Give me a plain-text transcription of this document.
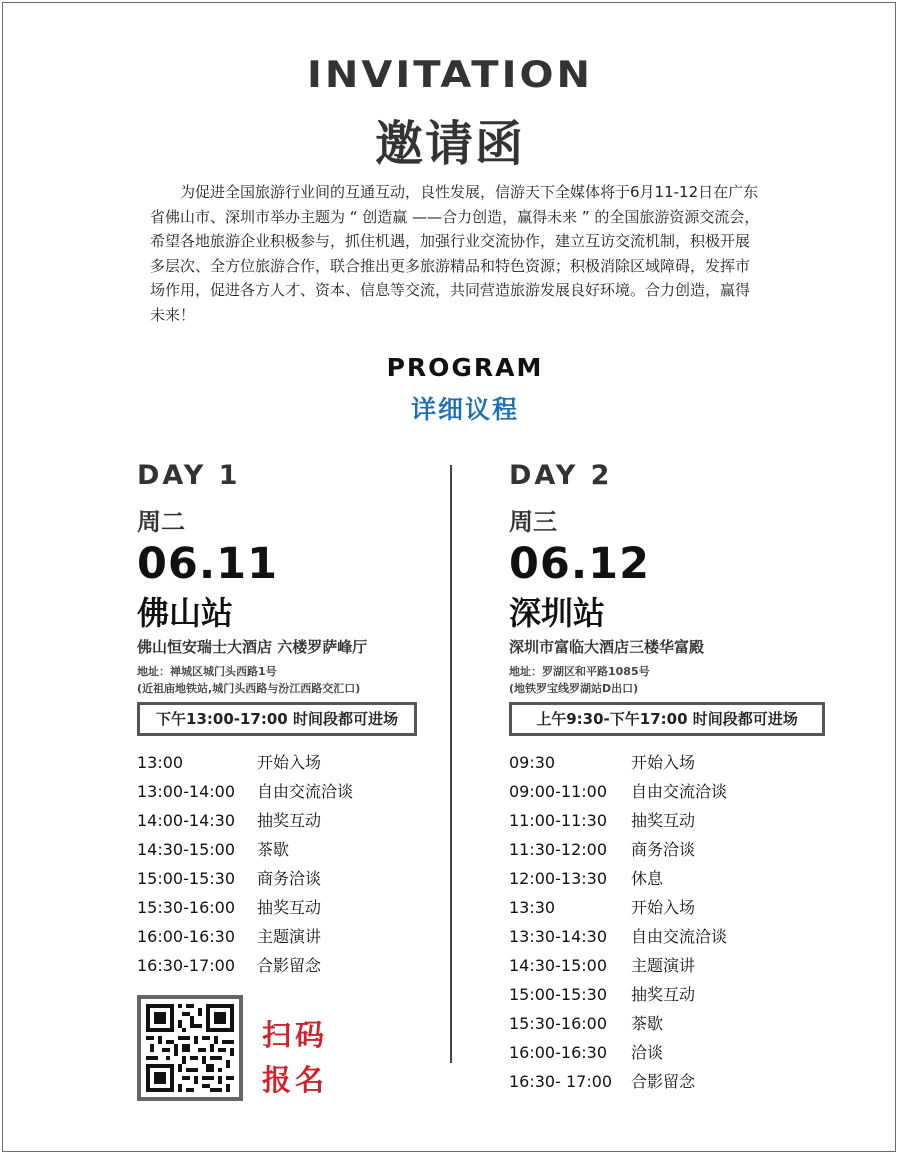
INVITATION
邀请函

为促进全国旅游行业间的互通互动，良性发展，信游天下全媒体将于6月11-12日在广东省佛山市、深圳市举办主题为 “ 创造赢 ——合力创造，赢得未来 ” 的全国旅游资源交流会，希望各地旅游企业积极参与，抓住机遇，加强行业交流协作，建立互访交流机制，积极开展多层次、全方位旅游合作，联合推出更多旅游精品和特色资源；积极消除区域障碍，发挥市场作用，促进各方人才、资本、信息等交流，共同营造旅游发展良好环境。合力创造，赢得未来！

PROGRAM
详细议程
DAY 1
周二
06.11
佛山站
佛山恒安瑞士大酒店 六楼罗萨峰厅
地址：禅城区城门头西路1号
(近祖庙地铁站,城门头西路与汾江西路交汇口)
下午13:00-17:00 时间段都可进场
13:00	开始入场
13:00-14:00 自由交流洽谈
14:00-14:30 抽奖互动
14:30-15:00 茶歇
15:00-15:30 商务洽谈
15:30-16:00 抽奖互动
16:00-16:30 主题演讲
16:30-17:00 合影留念
DAY 2
周三
06.12
深圳站
深圳市富临大酒店三楼华富殿
地址：罗湖区和平路1085号
(地铁罗宝线罗湖站D出口)
上午9:30-下午17:00 时间段都可进场
09:30	开始入场
09:00-11:00 自由交流洽谈
11:00-11:30 抽奖互动
11:30-12:00 商务洽谈
12:00-13:30 休息
13:30	开始入场
13:30-14:30 自由交流洽谈
14:30-15:00 主题演讲
15:00-15:30 抽奖互动
15:30-16:00 茶歇
16:00-16:30 洽谈
16:30- 17:00 合影留念
扫码
报名
